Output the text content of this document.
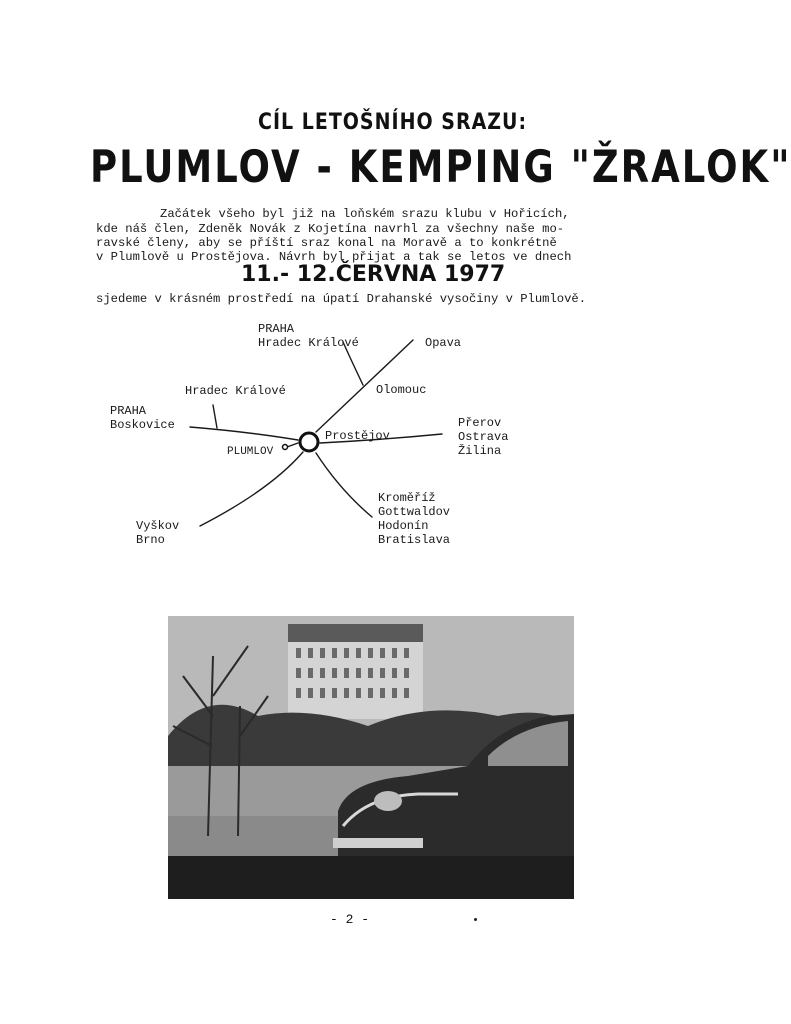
CÍL LETOŠNÍHO SRAZU:
PLUMLOV - KEMPING "ŽRALOK"
Začátek všeho byl již na loňském srazu klubu v Hořicích,
kde náš člen, Zdeněk Novák z Kojetína navrhl za všechny naše mo-
ravské členy, aby se příští sraz konal na Moravě a to konkrétně
v Plumlově u Prostějova. Návrh byl přijat a tak se letos ve dnech
11.- 12.ČERVNA 1977
sjedeme v krásném prostředí na úpatí Drahanské vysočiny v Plumlově.
PRAHA
Hradec Králové	Opava
Olomouc
Hradec Králové
PRAHA
Boskovice
Prostějov
Přerov
Ostrava
Žilina
PLUMLOV
Kroměříž
Gottwaldov
Hodonín
Bratislava
Vyškov
Brno
- 2 -
